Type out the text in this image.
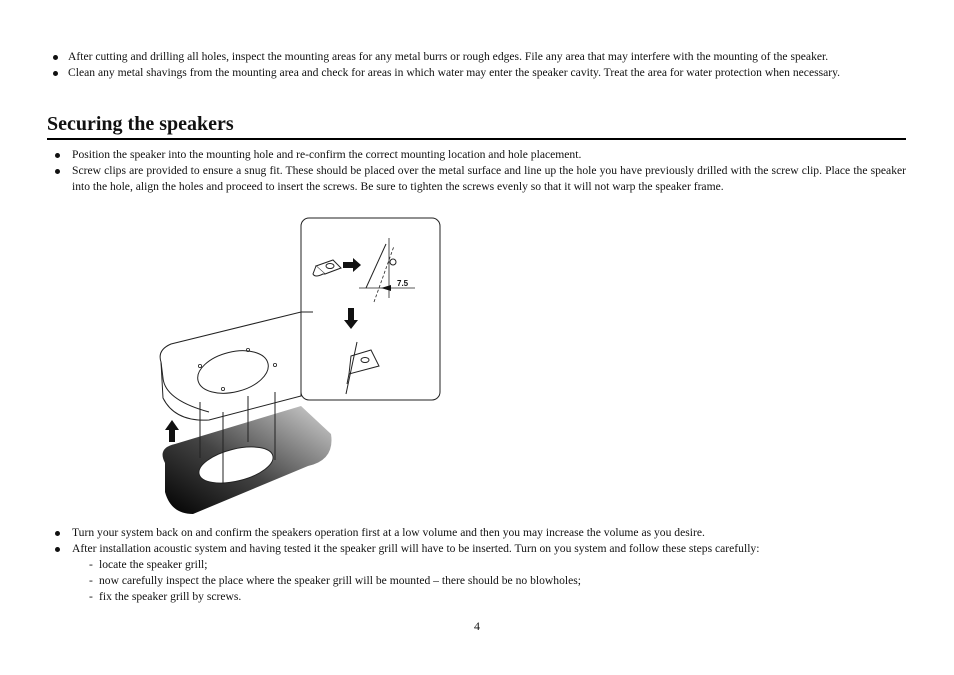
After cutting and drilling all holes, inspect the mounting areas for any metal burrs or rough edges. File any area that may interfere with the mounting of the speaker.
Clean any metal shavings from the mounting area and check for areas in which water may enter the speaker cavity. Treat the area for water protection when necessary.
Securing the speakers
Position the speaker into the mounting hole and re-confirm the correct mounting location and hole placement.
Screw clips are provided to ensure a snug fit. These should be placed over the metal surface and line up the hole you have previously drilled with the screw clip. Place the speaker into the hole, align the holes and proceed to insert the screws. Be sure to tighten the screws evenly so that it will not warp the speaker frame.
7.5
Turn your system back on and confirm the speakers operation first at a low volume and then you may increase the volume as you desire.
After installation acoustic system and having tested it the speaker grill will have to be inserted. Turn on you system and follow these steps carefully:
- locate the speaker grill;
- now carefully inspect the place where the speaker grill will be mounted – there should be no blowholes;
- fix the speaker grill by screws.
4
